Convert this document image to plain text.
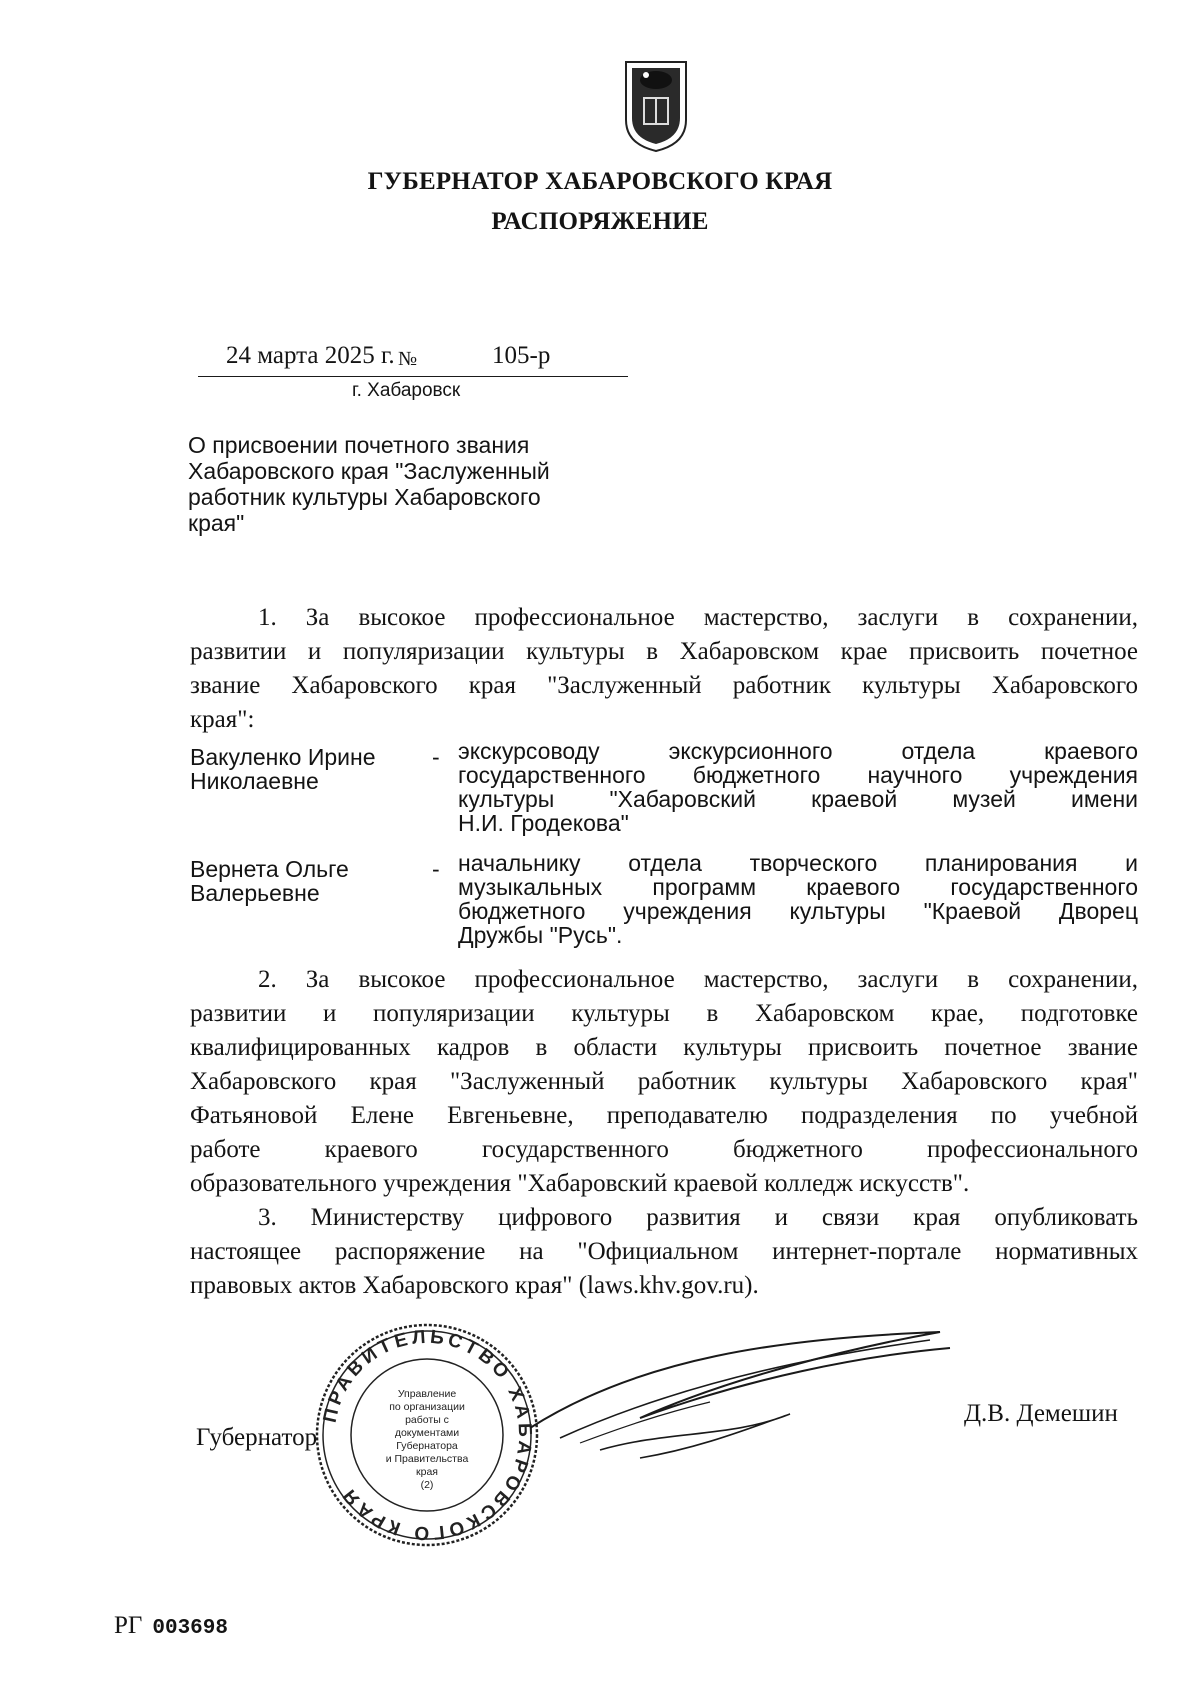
ГУБЕРНАТОР ХАБАРОВСКОГО КРАЯ
РАСПОРЯЖЕНИЕ
24 марта 2025 г. №	105-р
г. Хабаровск
О присвоении почетного звания
Хабаровского края "Заслуженный
работник культуры Хабаровского
края"
1. За высокое профессиональное мастерство, заслуги в сохранении,
развитии и популяризации культуры в Хабаровском крае присвоить почетное
звание Хабаровского края "Заслуженный работник культуры Хабаровского
края":
Вакуленко Ирине
Николаевне
- экскурсоводу экскурсионного отдела краевого
государственного бюджетного научного учреждения
культуры "Хабаровский краевой музей имени
Н.И. Гродекова"
Вернета Ольге
Валерьевне
- начальнику отдела творческого планирования и
музыкальных программ краевого государственного
бюджетного учреждения культуры "Краевой Дворец
Дружбы "Русь".
2. За высокое профессиональное мастерство, заслуги в сохранении,
развитии и популяризации культуры в Хабаровском крае, подготовке
квалифицированных кадров в области культуры присвоить почетное звание
Хабаровского края "Заслуженный работник культуры Хабаровского края"
Фатьяновой Елене Евгеньевне, преподавателю подразделения по учебной
работе краевого государственного бюджетного профессионального
образовательного учреждения "Хабаровский краевой колледж искусств".
3. Министерству цифрового развития и связи края опубликовать
настоящее распоряжение на "Официальном интернет-портале нормативных
правовых актов Хабаровского края" (laws.khv.gov.ru).
Губернатор
Д.В. Демешин
ПРАВИТЕЛЬСТВО ХАБАРОВСКОГО КРАЯ
Управление
по организации
работы с документами
Губернатора
и Правительства
края
(2)
РГ 003698
